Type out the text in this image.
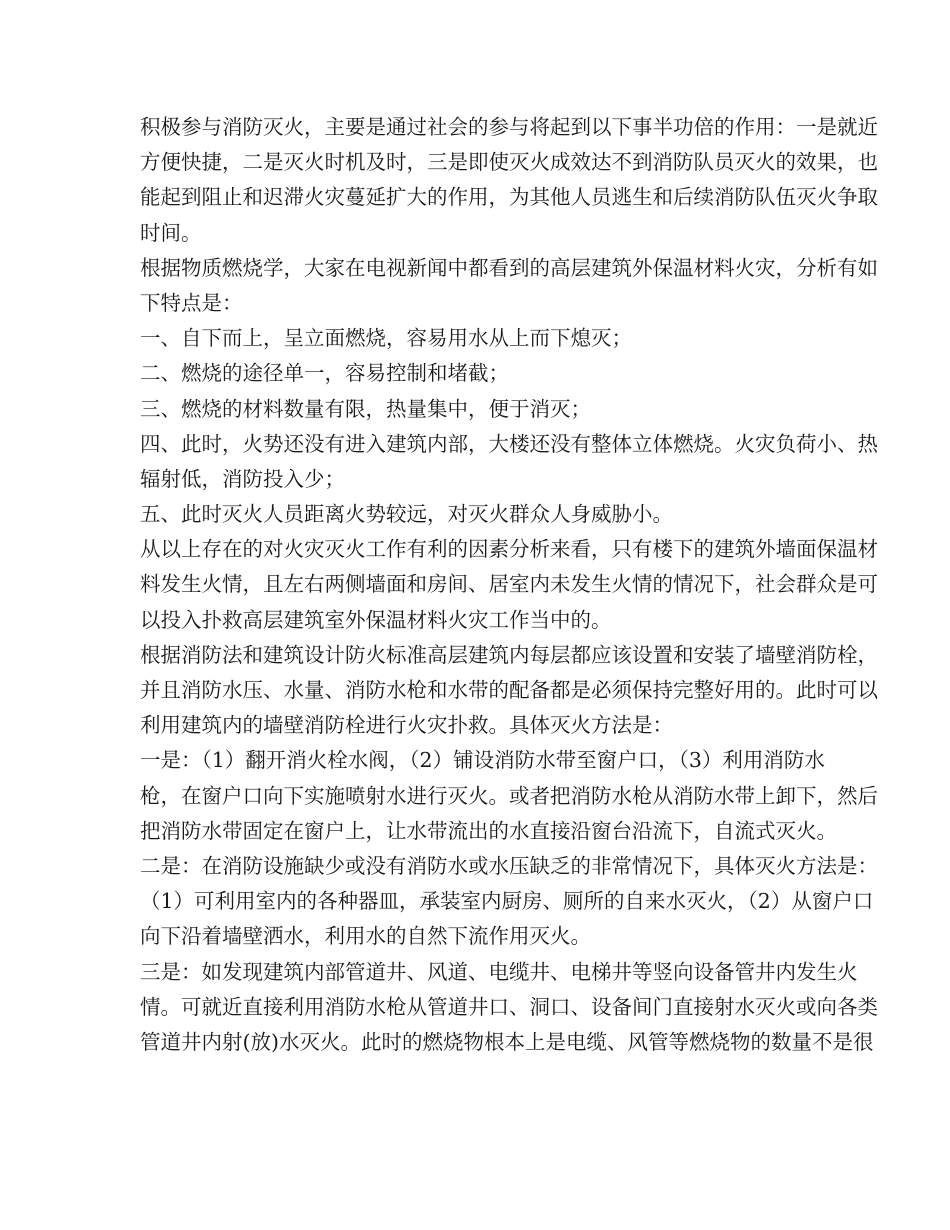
积极参与消防灭火，主要是通过社会的参与将起到以下事半功倍的作用：一是就近
方便快捷，二是灭火时机及时，三是即使灭火成效达不到消防队员灭火的效果，也
能起到阻止和迟滞火灾蔓延扩大的作用，为其他人员逃生和后续消防队伍灭火争取
时间。
根据物质燃烧学，大家在电视新闻中都看到的高层建筑外保温材料火灾，分析有如
下特点是：
一、自下而上，呈立面燃烧，容易用水从上而下熄灭；
二、燃烧的途径单一，容易控制和堵截；
三、燃烧的材料数量有限，热量集中，便于消灭；
四、此时，火势还没有进入建筑内部，大楼还没有整体立体燃烧。火灾负荷小、热
辐射低，消防投入少；
五、此时灭火人员距离火势较远，对灭火群众人身威胁小。
从以上存在的对火灾灭火工作有利的因素分析来看，只有楼下的建筑外墙面保温材
料发生火情，且左右两侧墙面和房间、居室内未发生火情的情况下，社会群众是可
以投入扑救高层建筑室外保温材料火灾工作当中的。
根据消防法和建筑设计防火标准高层建筑内每层都应该设置和安装了墙壁消防栓，
并且消防水压、水量、消防水枪和水带的配备都是必须保持完整好用的。此时可以
利用建筑内的墙壁消防栓进行火灾扑救。具体灭火方法是：
一是：（1）翻开消火栓水阀，（2）铺设消防水带至窗户口，（3）利用消防水
枪，在窗户口向下实施喷射水进行灭火。或者把消防水枪从消防水带上卸下，然后
把消防水带固定在窗户上，让水带流出的水直接沿窗台沿流下，自流式灭火。
二是：在消防设施缺少或没有消防水或水压缺乏的非常情况下，具体灭火方法是：
（1）可利用室内的各种器皿，承装室内厨房、厕所的自来水灭火，（2）从窗户口
向下沿着墙壁洒水，利用水的自然下流作用灭火。
三是：如发现建筑内部管道井、风道、电缆井、电梯井等竖向设备管井内发生火
情。可就近直接利用消防水枪从管道井口、洞口、设备间门直接射水灭火或向各类
管道井内射(放)水灭火。此时的燃烧物根本上是电缆、风管等燃烧物的数量不是很
